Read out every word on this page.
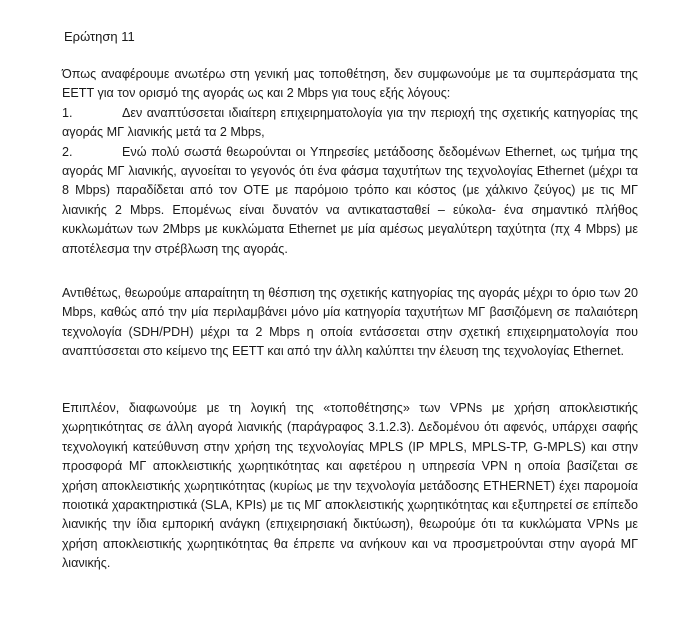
Ερώτηση 11

Όπως αναφέρουμε ανωτέρω στη γενική μας τοποθέτηση, δεν συμφωνούμε με τα συμπεράσματα της ΕΕΤΤ για τον ορισμό της αγοράς ως και 2 Mbps για τους εξής λόγους:

1.	Δεν αναπτύσσεται ιδιαίτερη επιχειρηματολογία για την περιοχή της σχετικής κατηγορίας της αγοράς ΜΓ λιανικής μετά τα 2 Mbps,

2.	Ενώ πολύ σωστά θεωρούνται οι Υπηρεσίες μετάδοσης δεδομένων Ethernet, ως τμήμα της αγοράς ΜΓ λιανικής, αγνοείται το γεγονός ότι ένα φάσμα ταχυτήτων της τεχνολογίας Ethernet (μέχρι τα 8 Mbps) παραδίδεται από τον ΟΤΕ με παρόμοιο τρόπο και κόστος (με χάλκινο ζεύγος) με τις ΜΓ λιανικής 2 Mbps. Επομένως είναι δυνατόν να αντικατασταθεί – εύκολα- ένα σημαντικό πλήθος κυκλωμάτων των 2Mbps με κυκλώματα Ethernet με μία αμέσως μεγαλύτερη ταχύτητα (πχ 4 Mbps) με αποτέλεσμα την στρέβλωση της αγοράς.

Αντιθέτως, θεωρούμε απαραίτητη τη θέσπιση της σχετικής κατηγορίας της αγοράς μέχρι το όριο των 20 Mbps, καθώς από την μία περιλαμβάνει μόνο μία κατηγορία ταχυτήτων ΜΓ βασιζόμενη σε παλαιότερη τεχνολογία (SDH/PDH) μέχρι τα 2 Mbps η οποία εντάσσεται στην σχετική επιχειρηματολογία που αναπτύσσεται στο κείμενο της ΕΕΤΤ και από την άλλη καλύπτει την έλευση της τεχνολογίας Ethernet.

Επιπλέον, διαφωνούμε με τη λογική της «τοποθέτησης» των VPNs με χρήση αποκλειστικής χωρητικότητας σε άλλη αγορά λιανικής (παράγραφος 3.1.2.3). Δεδομένου ότι αφενός, υπάρχει σαφής τεχνολογική κατεύθυνση στην χρήση της τεχνολογίας MPLS (IP MPLS, MPLS-TP, G-MPLS) και στην προσφορά ΜΓ αποκλειστικής χωρητικότητας και αφετέρου η υπηρεσία VPN η οποία βασίζεται σε χρήση αποκλειστικής χωρητικότητας (κυρίως με την τεχνολογία μετάδοσης ETHERNET) έχει παρομοία ποιοτικά χαρακτηριστικά (SLA, KPIs) με τις ΜΓ αποκλειστικής χωρητικότητας και εξυπηρετεί σε επίπεδο λιανικής την ίδια εμπορική ανάγκη (επιχειρησιακή δικτύωση), θεωρούμε ότι τα κυκλώματα VPNs με χρήση αποκλειστικής χωρητικότητας θα έπρεπε να ανήκουν και να προσμετρούνται στην αγορά ΜΓ λιανικής.
